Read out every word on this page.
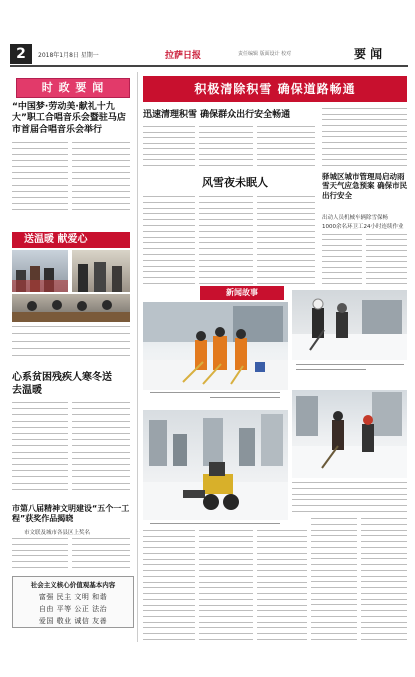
2	2018年1月8日 星期一	拉萨日报	责任编辑 版面设计 校对	要 闻
时 政 要 闻
“中国梦·劳动美·献礼十九大”职工合唱音乐会暨驻马店市首届合唱音乐会举行
送温暖 献爱心
心系贫困残疾人寒冬送去温暖
市第八届精神文明建设“五个一工程”获奖作品揭晓
市文联及城市各县区上奖名
社会主义核心价值观基本内容
富强 民主 文明 和谐
自由 平等 公正 法治
爱国 敬业 诚信 友善
积极清除积雪 确保道路畅通
迅速清理积雪 确保群众出行安全畅通
风雪夜未眠人	驿城区城市管理局启动雨雪天气应急预案 确保市民出行安全
出动人员机械车辆除雪保畅
1000余名环卫工24小时连续作业
新闻故事
